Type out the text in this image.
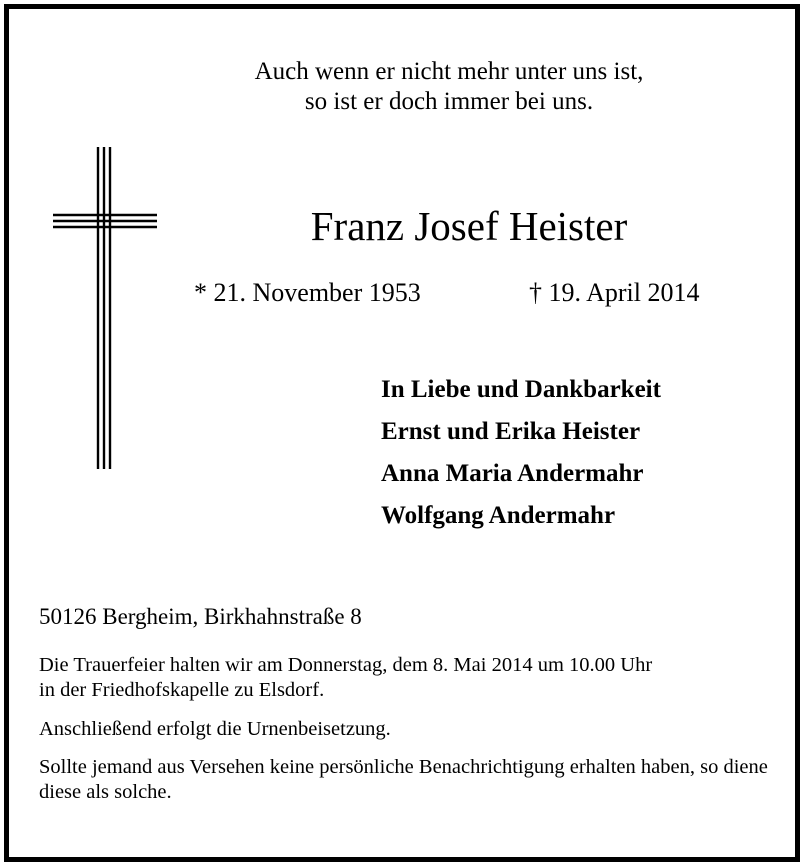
Auch wenn er nicht mehr unter uns ist,
so ist er doch immer bei uns.
Franz Josef Heister
* 21. November 1953	† 19. April 2014
In Liebe und Dankbarkeit
Ernst und Erika Heister
Anna Maria Andermahr
Wolfgang Andermahr
50126 Bergheim, Birkhahnstraße 8
Die Trauerfeier halten wir am Donnerstag, dem 8. Mai 2014 um 10.00 Uhr
in der Friedhofskapelle zu Elsdorf.
Anschließend erfolgt die Urnenbeisetzung.
Sollte jemand aus Versehen keine persönliche Benachrichtigung erhalten haben, so diene diese als solche.
